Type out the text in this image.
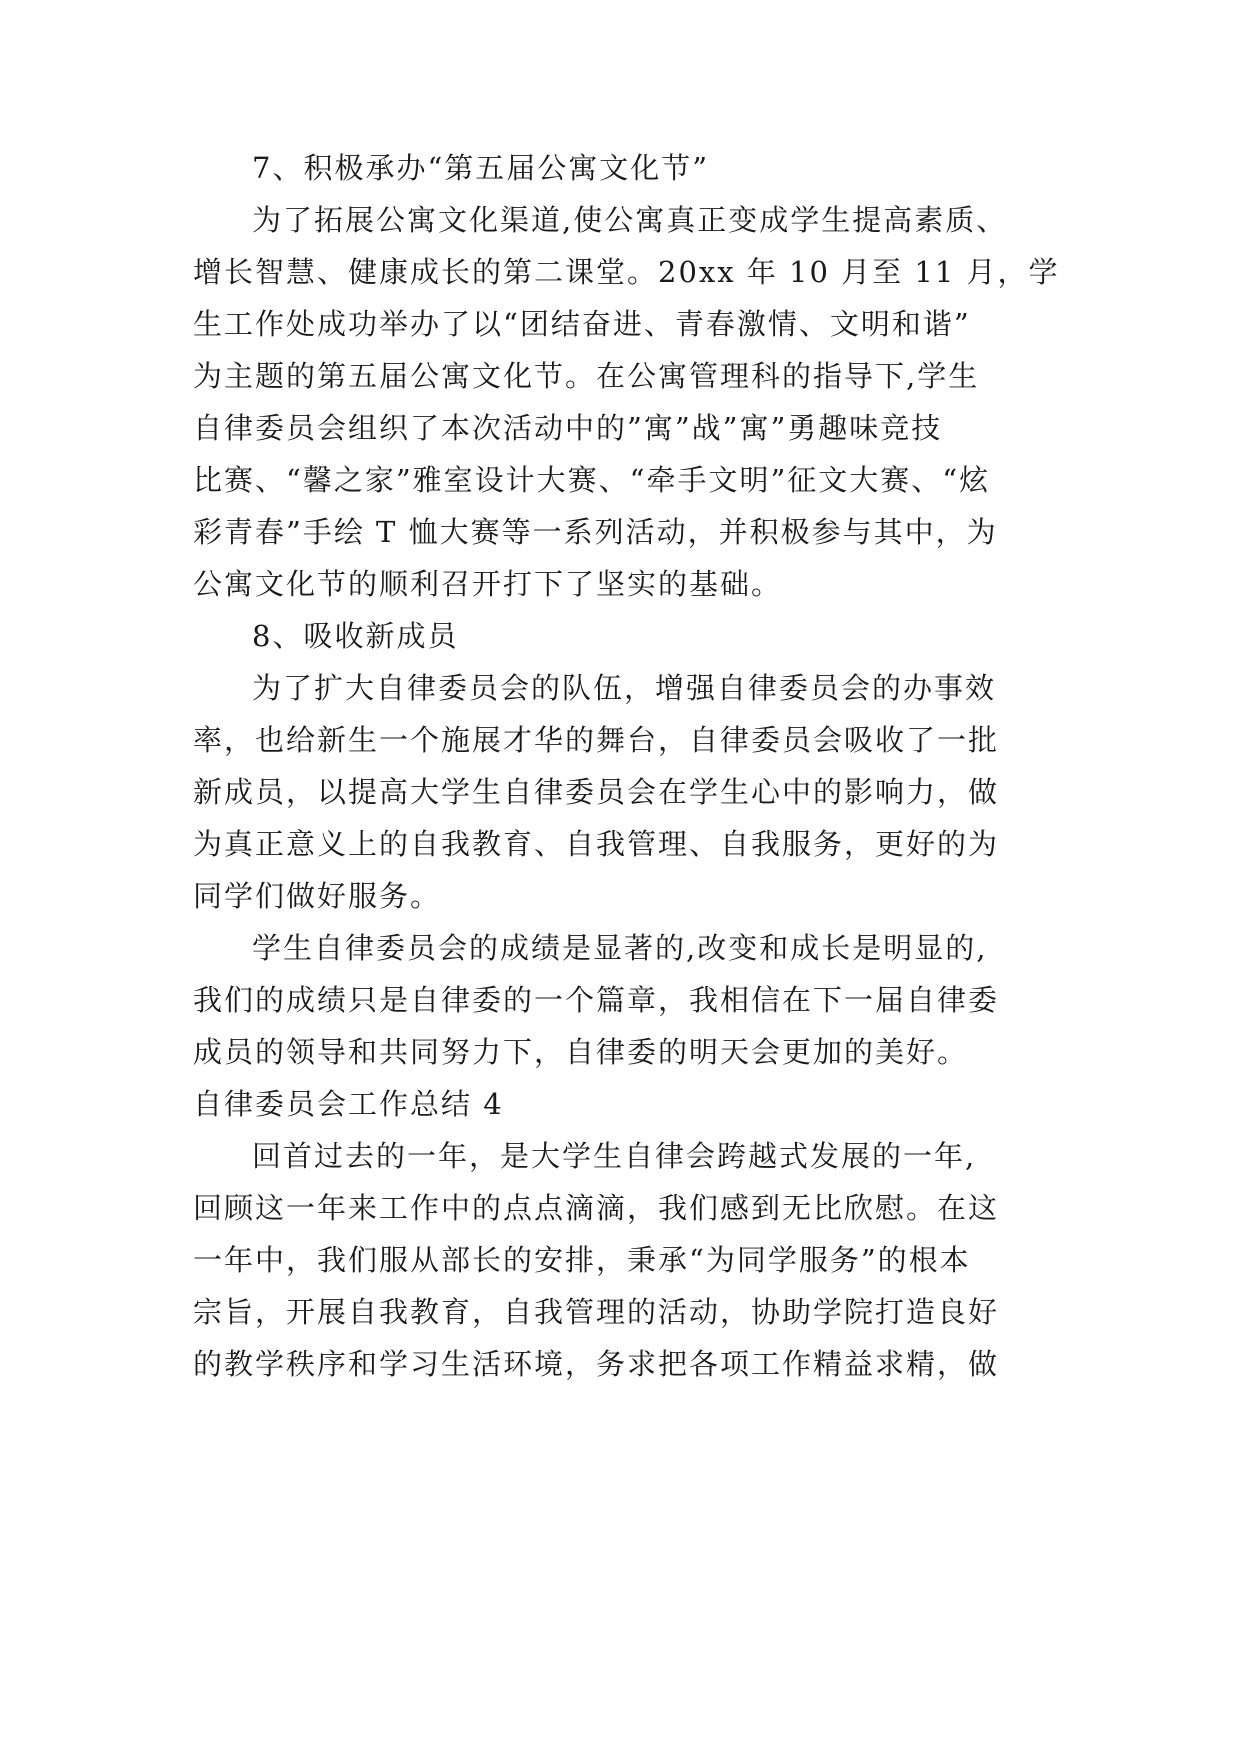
7、积极承办“第五届公寓文化节”
为了拓展公寓文化渠道,使公寓真正变成学生提高素质、
增长智慧、健康成长的第二课堂。20xx 年 10 月至 11 月，学
生工作处成功举办了以“团结奋进、青春激情、文明和谐”
为主题的第五届公寓文化节。在公寓管理科的指导下,学生
自律委员会组织了本次活动中的”寓”战”寓”勇趣味竞技
比赛、“馨之家”雅室设计大赛、“牵手文明”征文大赛、“炫
彩青春”手绘 T 恤大赛等一系列活动，并积极参与其中，为
公寓文化节的顺利召开打下了坚实的基础。
8、吸收新成员
为了扩大自律委员会的队伍，增强自律委员会的办事效
率，也给新生一个施展才华的舞台，自律委员会吸收了一批
新成员，以提高大学生自律委员会在学生心中的影响力，做
为真正意义上的自我教育、自我管理、自我服务，更好的为
同学们做好服务。
学生自律委员会的成绩是显著的,改变和成长是明显的,
我们的成绩只是自律委的一个篇章，我相信在下一届自律委
成员的领导和共同努力下，自律委的明天会更加的美好。
自律委员会工作总结 4
回首过去的一年，是大学生自律会跨越式发展的一年,
回顾这一年来工作中的点点滴滴，我们感到无比欣慰。在这
一年中，我们服从部长的安排，秉承“为同学服务”的根本
宗旨，开展自我教育，自我管理的活动，协助学院打造良好
的教学秩序和学习生活环境，务求把各项工作精益求精，做
